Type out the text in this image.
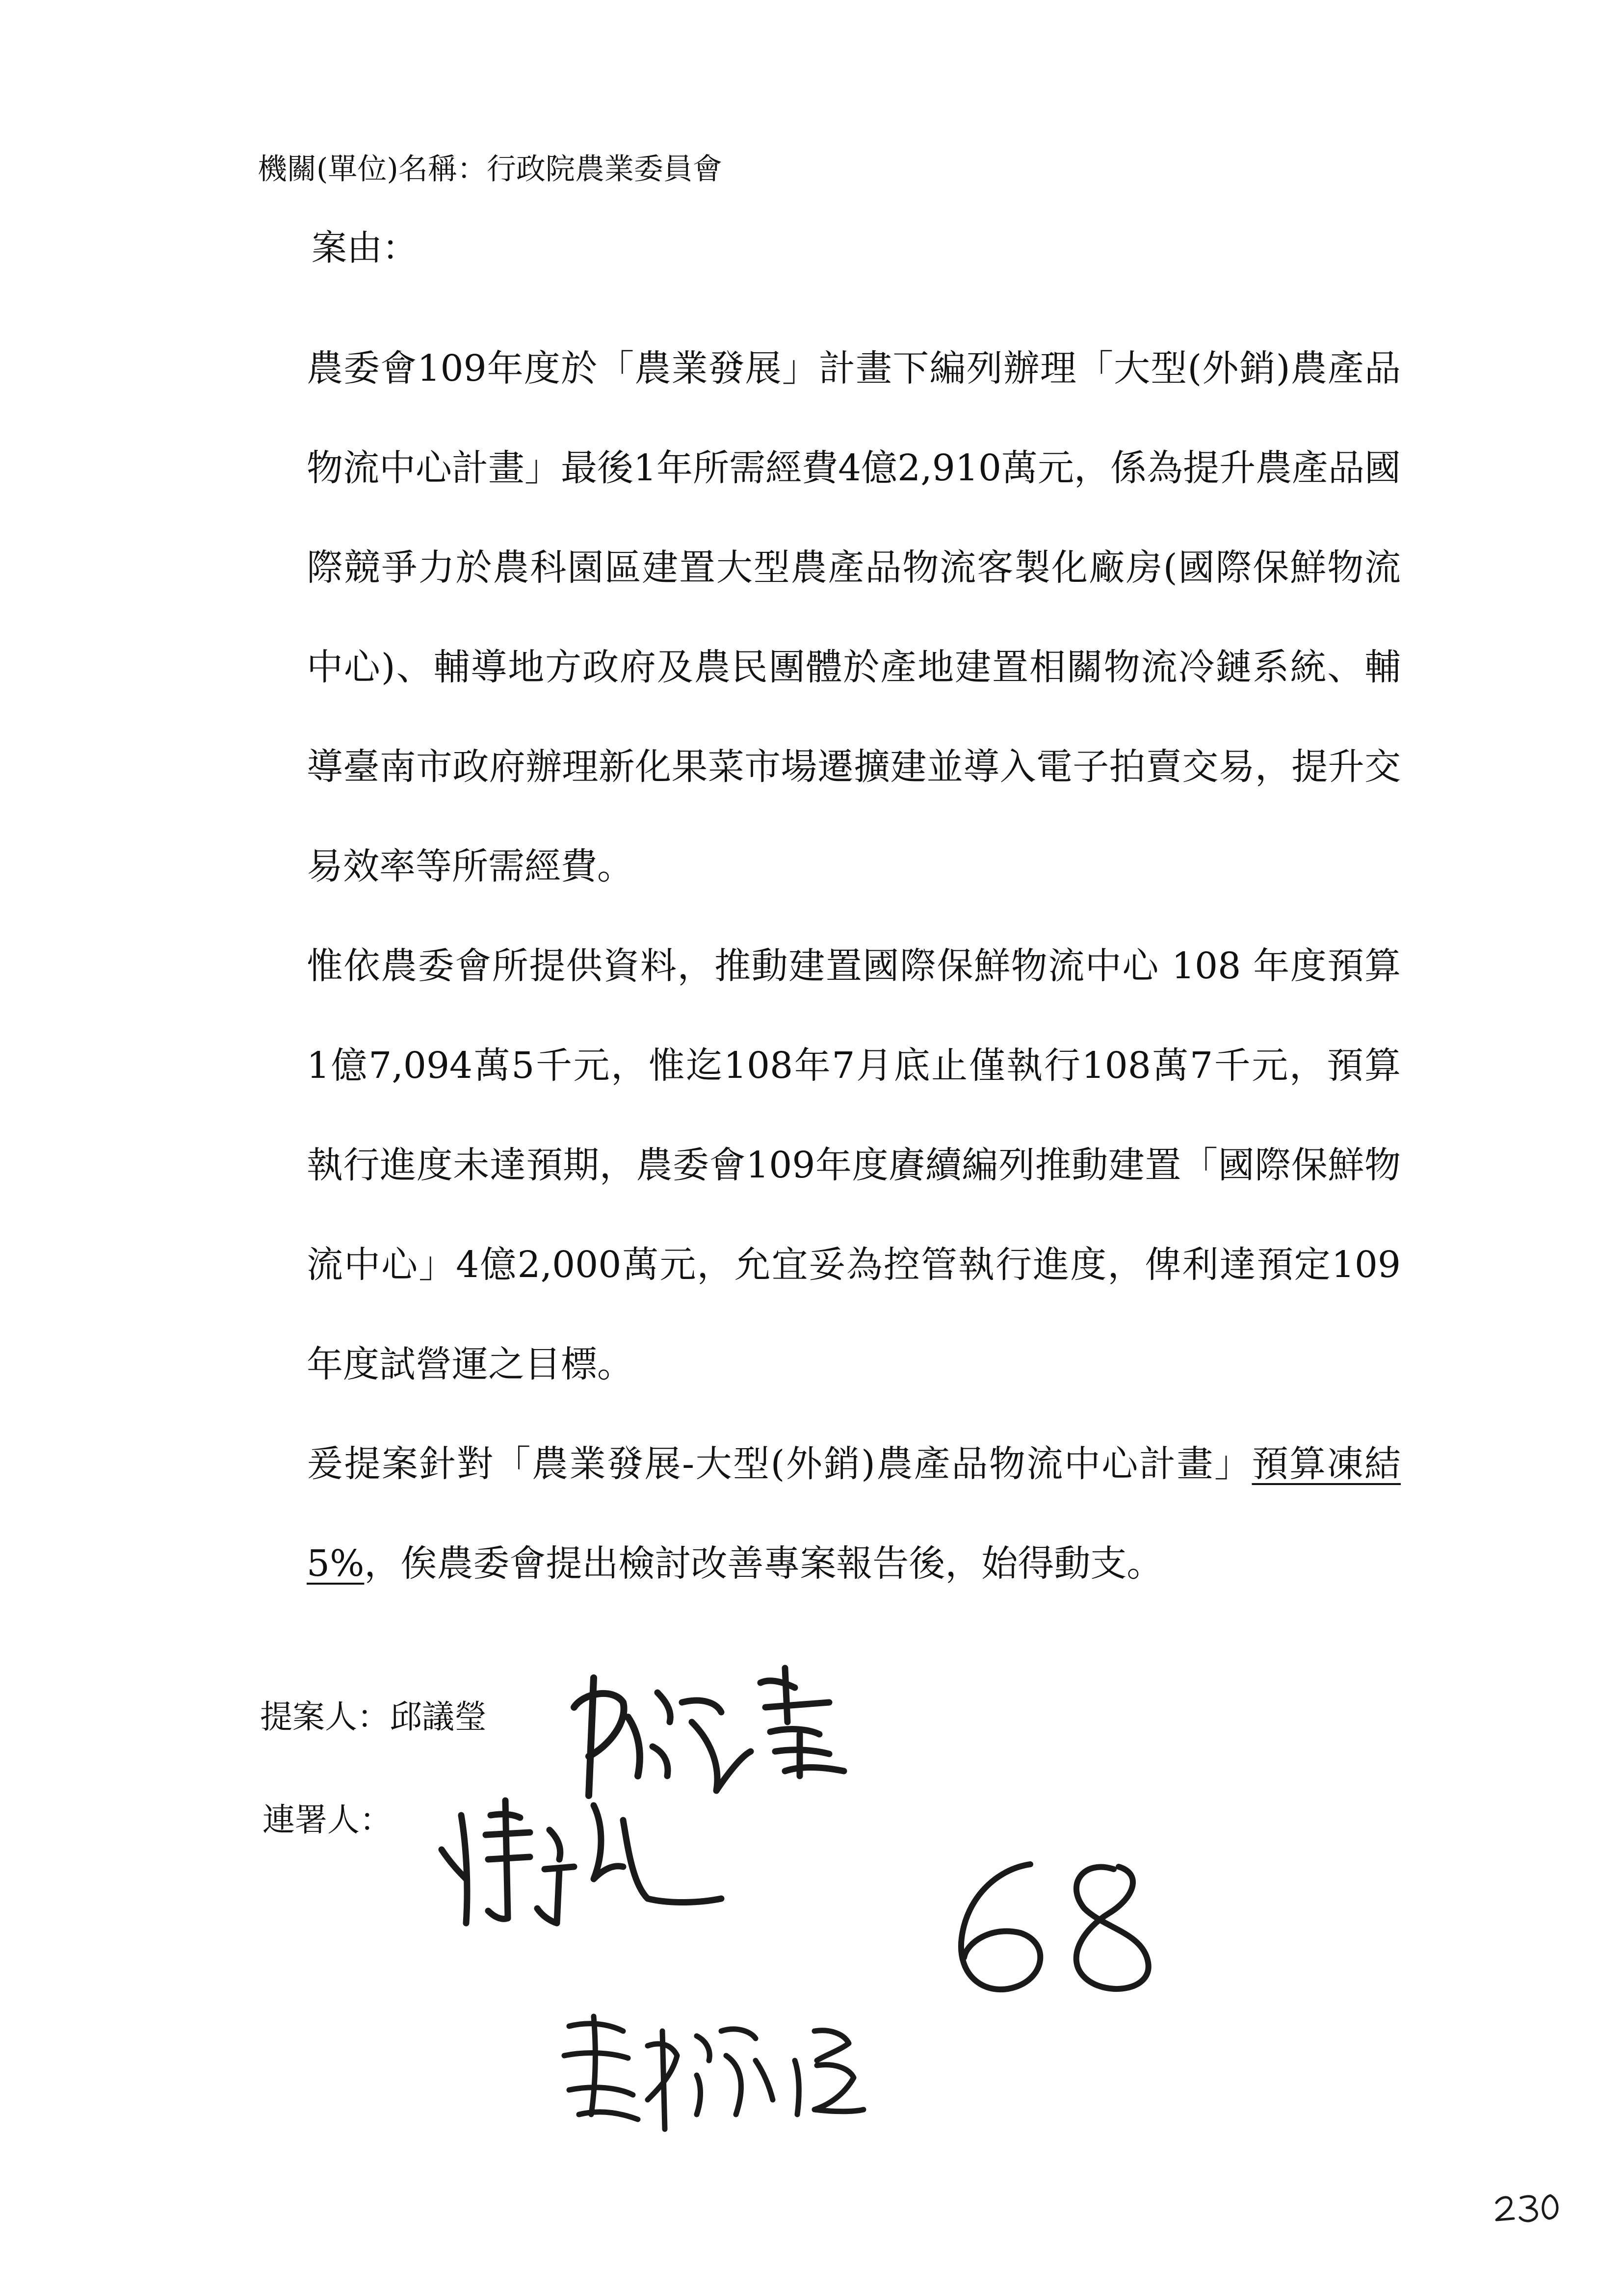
機關(單位)名稱：行政院農業委員會
案由：

農委會109年度於「農業發展」計畫下編列辦理「大型(外銷)農產品物流中心計畫」最後1年所需經費4億2,910萬元，係為提升農產品國際競爭力於農科園區建置大型農產品物流客製化廠房(國際保鮮物流中心)、輔導地方政府及農民團體於產地建置相關物流冷鏈系統、輔導臺南市政府辦理新化果菜市場遷擴建並導入電子拍賣交易，提升交易效率等所需經費。

惟依農委會所提供資料，推動建置國際保鮮物流中心 108 年度預算1億7,094萬5千元，惟迄108年7月底止僅執行108萬7千元，預算執行進度未達預期，農委會109年度賡續編列推動建置「國際保鮮物流中心」4億2,000萬元，允宜妥為控管執行進度，俾利達預定109年度試營運之目標。

爰提案針對「農業發展-大型(外銷)農產品物流中心計畫」預算凍結5%，俟農委會提出檢討改善專案報告後，始得動支。

提案人：邱議瑩
連署人：
